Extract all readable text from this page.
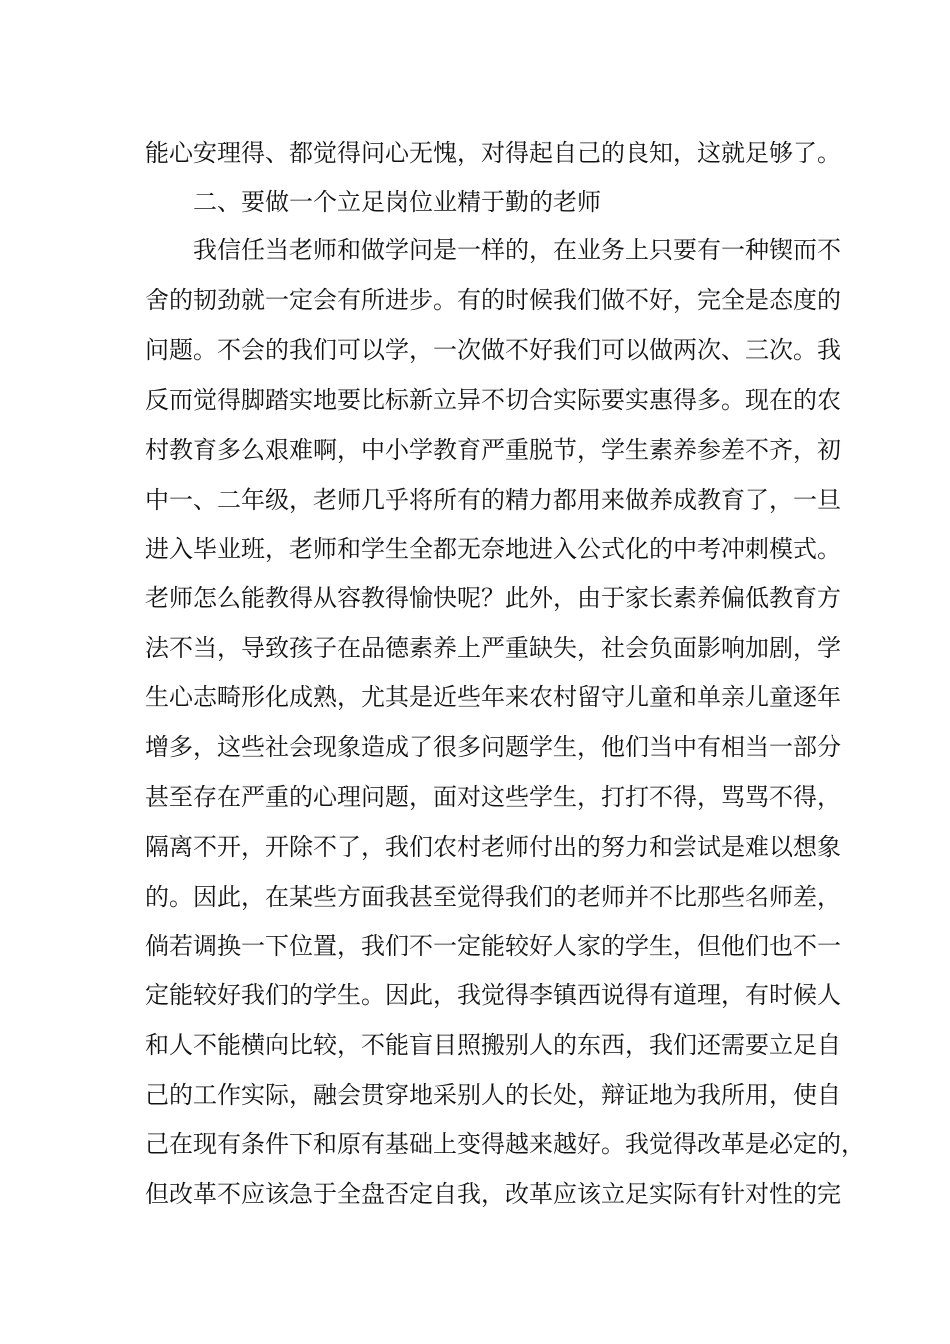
能心安理得、都觉得问心无愧，对得起自己的良知，这就足够了。
二、要做一个立足岗位业精于勤的老师
我信任当老师和做学问是一样的，在业务上只要有一种锲而不
舍的韧劲就一定会有所进步。有的时候我们做不好，完全是态度的
问题。不会的我们可以学，一次做不好我们可以做两次、三次。我
反而觉得脚踏实地要比标新立异不切合实际要实惠得多。现在的农
村教育多么艰难啊，中小学教育严重脱节，学生素养参差不齐，初
中一、二年级，老师几乎将所有的精力都用来做养成教育了，一旦
进入毕业班，老师和学生全都无奈地进入公式化的中考冲刺模式。
老师怎么能教得从容教得愉快呢？此外，由于家长素养偏低教育方
法不当，导致孩子在品德素养上严重缺失，社会负面影响加剧，学
生心志畸形化成熟，尤其是近些年来农村留守儿童和单亲儿童逐年
增多，这些社会现象造成了很多问题学生，他们当中有相当一部分
甚至存在严重的心理问题，面对这些学生，打打不得，骂骂不得，
隔离不开，开除不了，我们农村老师付出的努力和尝试是难以想象
的。因此，在某些方面我甚至觉得我们的老师并不比那些名师差，
倘若调换一下位置，我们不一定能较好人家的学生，但他们也不一
定能较好我们的学生。因此，我觉得李镇西说得有道理，有时候人
和人不能横向比较，不能盲目照搬别人的东西，我们还需要立足自
己的工作实际，融会贯穿地采别人的长处，辩证地为我所用，使自
己在现有条件下和原有基础上变得越来越好。我觉得改革是必定的，
但改革不应该急于全盘否定自我，改革应该立足实际有针对性的完
